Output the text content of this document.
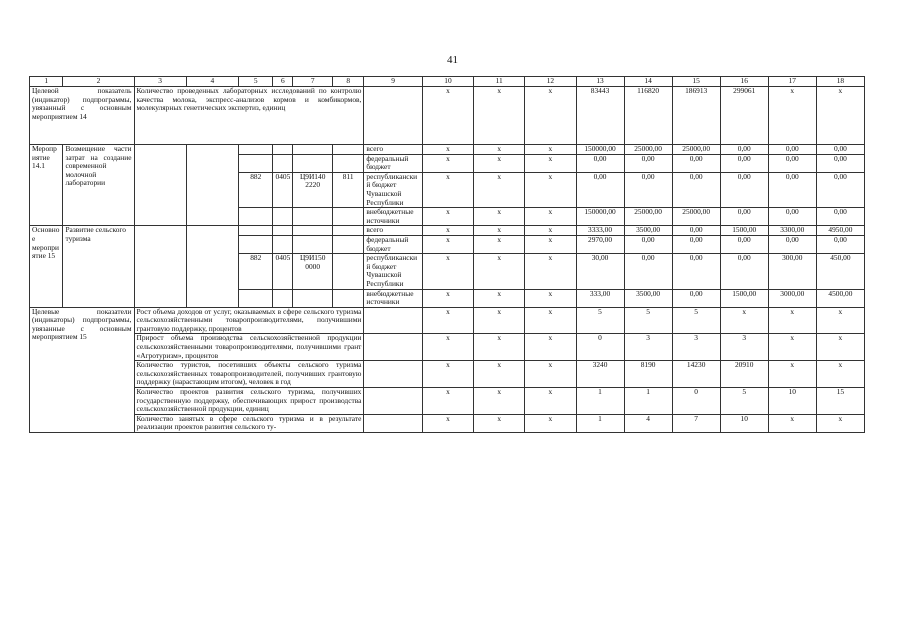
41
1	2	3	4	5	6	7	8	9	10	11	12	13	14	15	16	17	18
Целевой показатель (индикатор) подпрограммы, увязанный с основным мероприятием 14		Количество проведенных лабораторных исследований по контролю качества молока, экспресс-анализов кормов и комбикормов, молекулярных генетических экспертиз, единиц							x	x	x	83443	116820	186913	299061	x	x
Мероприятие 14.1	Возмещение части затрат на создание современной молочной лаборатории							всего	x	x	x	150000,00	25000,00	25000,00	0,00	0,00	0,00
								федеральный бюджет	x	x	x	0,00	0,00	0,00	0,00	0,00	0,00
				882	0405	Ц9И140 2220	811	республиканский бюджет Чувашской Республики	x	x	x	0,00	0,00	0,00	0,00	0,00	0,00
								внебюджетные источники	x	x	x	150000,00	25000,00	25000,00	0,00	0,00	0,00
Основное мероприятие 15	Развитие сельского туризма							всего	x	x	x	3333,00	3500,00	0,00	1500,00	3300,00	4950,00
								федеральный бюджет	x	x	x	2970,00	0,00	0,00	0,00	0,00	0,00
				882	0405	Ц9И150 0000		республиканский бюджет Чувашской Республики	x	x	x	30,00	0,00	0,00	0,00	300,00	450,00
								внебюджетные источники	x	x	x	333,00	3500,00	0,00	1500,00	3000,00	4500,00
Целевые показатели (индикаторы) подпрограммы, увязанные с основным мероприятием 15		Рост объема доходов от услуг, оказываемых в сфере сельского туризма сельскохозяйственными товаропроизводителями, получившими грантовую поддержку, процентов							x	x	x	5	5	5	x	x	x
		Прирост объема производства сельскохозяйственной продукции сельскохозяйственными товаропроизводителями, получившими грант «Агротуризм», процентов							x	x	x	0	3	3	3	x	x
		Количество туристов, посетивших объекты сельского туризма сельскохозяйственных товаропроизводителей, получивших грантовую поддержку (нарастающим итогом), человек в год							x	x	x	3240	8190	14230	20910	x	x
		Количество проектов развития сельского туризма, получивших государственную поддержку, обеспечивающих прирост производства сельскохозяйственной продукции, единиц							x	x	x	1	1	0	5	10	15
		Количество занятых в сфере сельского туризма и в результате реализации проектов развития сельского ту-							x	x	x	1	4	7	10	x	x
